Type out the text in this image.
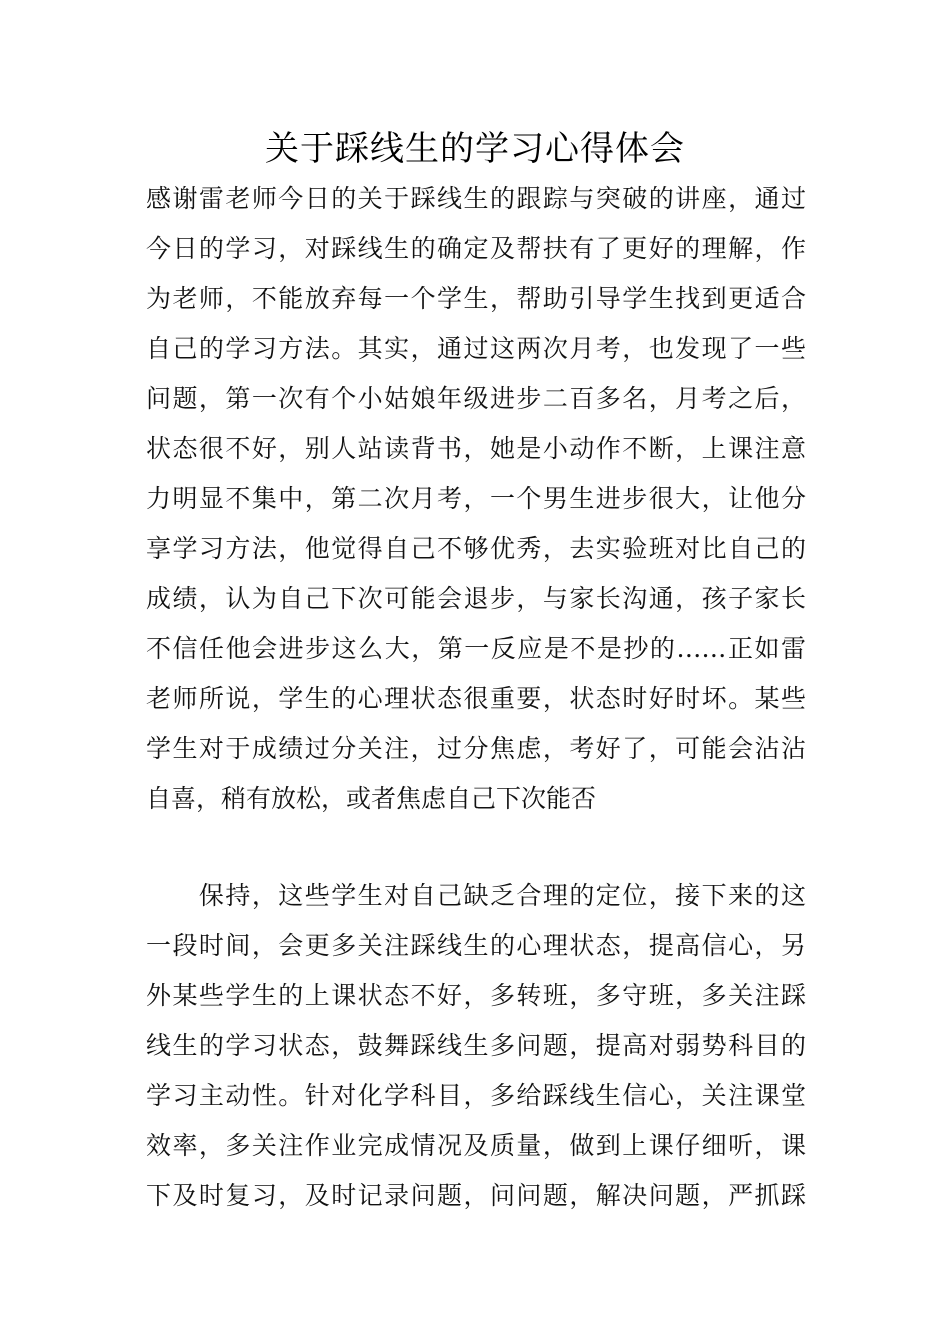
关于踩线生的学习心得体会
感谢雷老师今日的关于踩线生的跟踪与突破的讲座，通过
今日的学习，对踩线生的确定及帮扶有了更好的理解，作
为老师，不能放弃每一个学生，帮助引导学生找到更适合
自己的学习方法。其实，通过这两次月考，也发现了一些
问题，第一次有个小姑娘年级进步二百多名，月考之后，
状态很不好，别人站读背书，她是小动作不断，上课注意
力明显不集中，第二次月考，一个男生进步很大，让他分
享学习方法，他觉得自己不够优秀，去实验班对比自己的
成绩，认为自己下次可能会退步，与家长沟通，孩子家长
不信任他会进步这么大，第一反应是不是抄的……正如雷
老师所说，学生的心理状态很重要，状态时好时坏。某些
学生对于成绩过分关注，过分焦虑，考好了，可能会沾沾
自喜，稍有放松，或者焦虑自己下次能否
　　保持，这些学生对自己缺乏合理的定位，接下来的这
一段时间，会更多关注踩线生的心理状态，提高信心，另
外某些学生的上课状态不好，多转班，多守班，多关注踩
线生的学习状态，鼓舞踩线生多问题，提高对弱势科目的
学习主动性。针对化学科目，多给踩线生信心，关注课堂
效率，多关注作业完成情况及质量，做到上课仔细听，课
下及时复习，及时记录问题，问问题，解决问题，严抓踩
